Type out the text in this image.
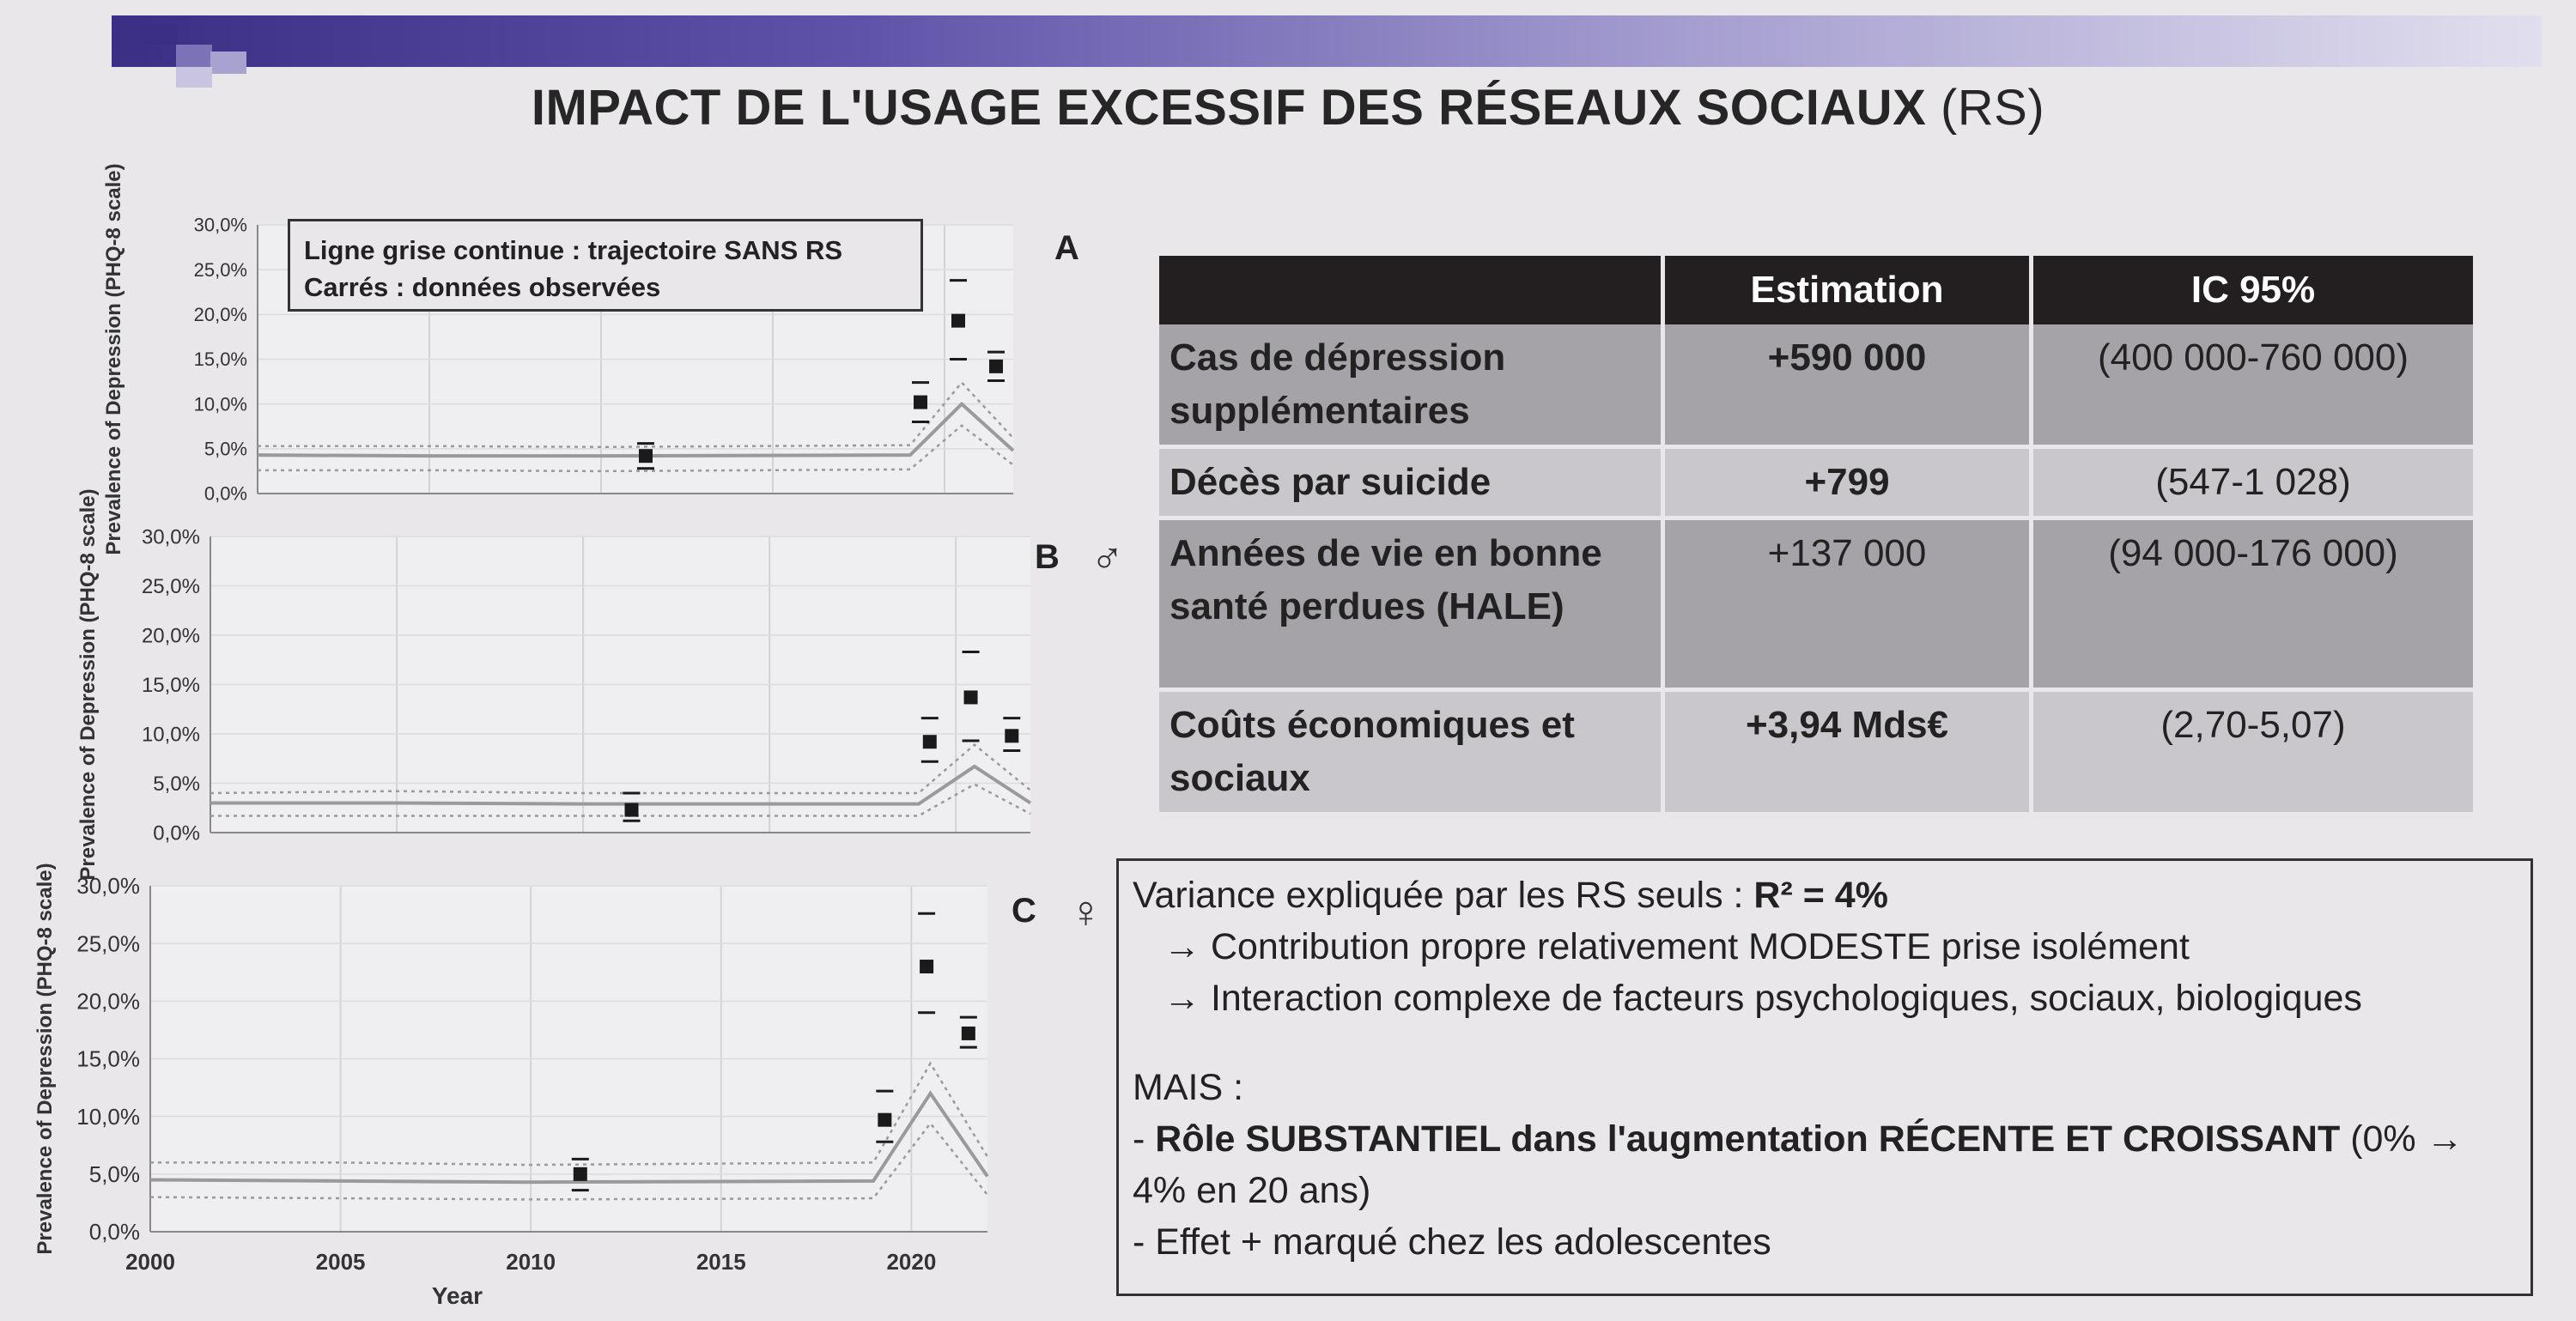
IMPACT DE L'USAGE EXCESSIF DES RÉSEAUX SOCIAUX (RS)
0,0%
5,0%
10,0%
15,0%
20,0%
25,0%
30,0%
Prevalence of Depression (PHQ-8 scale)	A
0,0%
5,0%
10,0%
15,0%
20,0%
25,0%
30,0%
Prevalence of Depression (PHQ-8 scale)	B ♂
0,0%
5,0%
10,0%
15,0%
20,0%
25,0%
30,0%
Prevalence of Depression (PHQ-8 scale)	C ♀
2000	2005	2010	2015	2020
Year
Ligne grise continue : trajectoire SANS RS
Carrés : données observées
		Estimation	IC 95%
Cas de dépression supplémentaires	+590 000	(400 000-760 000)
Décès par suicide	+799	(547-1 028)
Années de vie en bonne santé perdues (HALE)	+137 000	(94 000-176 000)
Coûts économiques et sociaux	+3,94 Mds€	(2,70-5,07)
Variance expliquée par les RS seuls : R² = 4%
→ Contribution propre relativement MODESTE prise isolément
→ Interaction complexe de facteurs psychologiques, sociaux, biologiques
MAIS :
- Rôle SUBSTANTIEL dans l'augmentation RÉCENTE ET CROISSANT (0% → 4% en 20 ans)
- Effet + marqué chez les adolescentes
